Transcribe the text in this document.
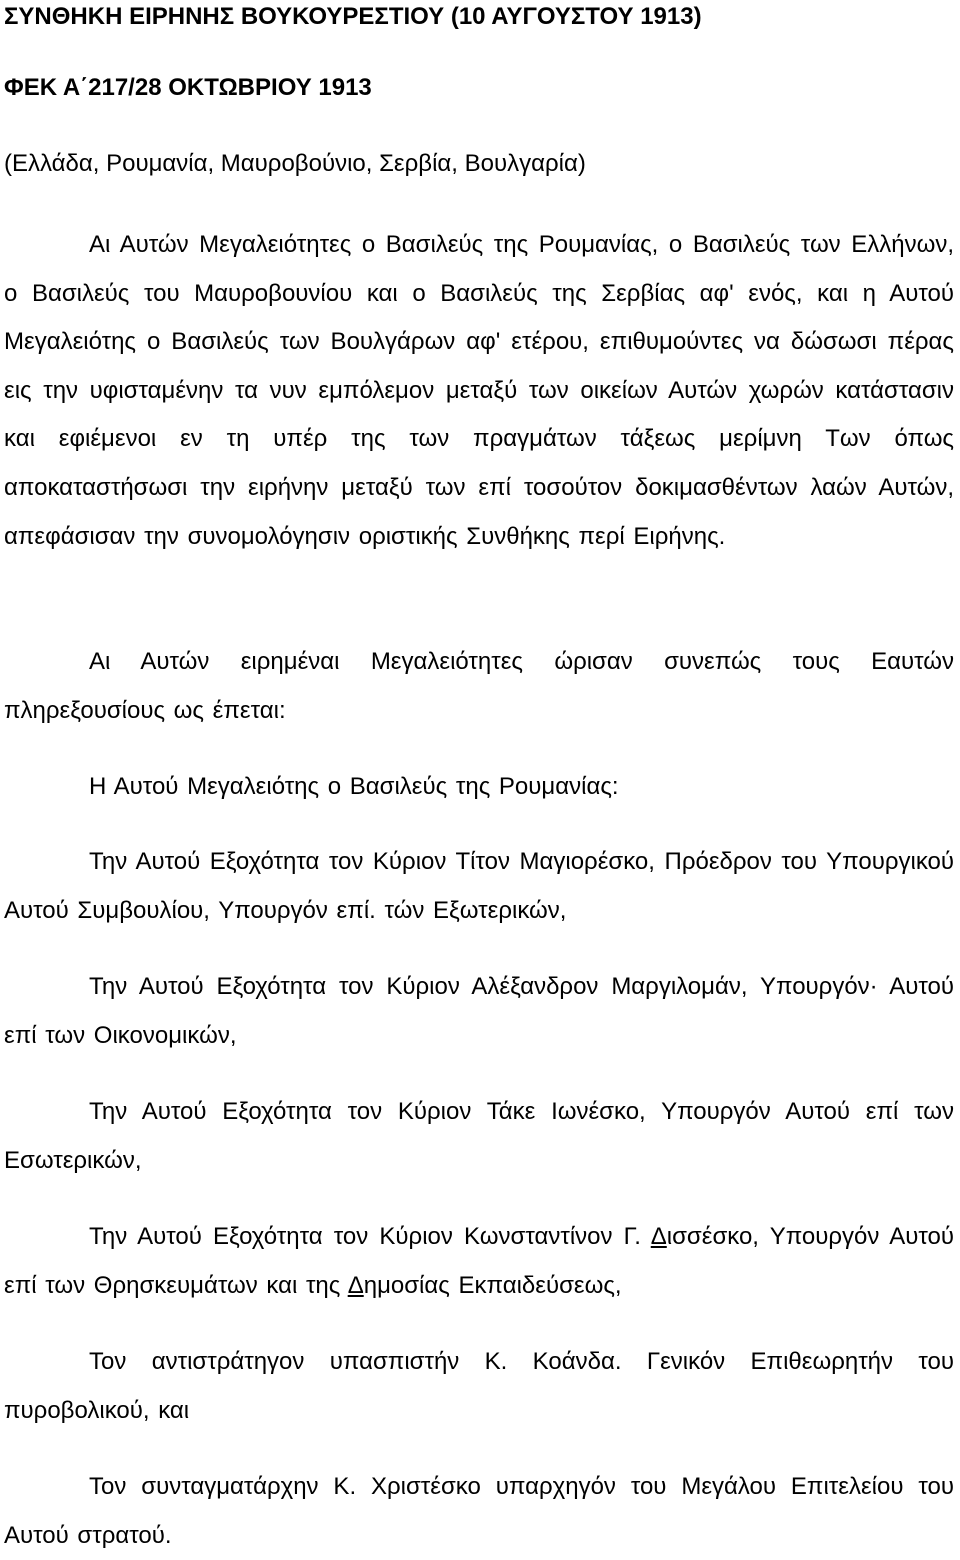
ΣΥΝΘΗΚΗ ΕΙΡΗΝΗΣ ΒΟΥΚΟΥΡΕΣΤΙΟΥ (10 ΑΥΓΟΥΣΤΟΥ 1913)

ΦΕΚ Α΄217/28 ΟΚΤΩΒΡΙΟΥ 1913

(Ελλάδα, Ρουμανία, Μαυροβούνιο, Σερβία, Βουλγαρία)

Αι Αυτών Μεγαλειότητες ο Βασιλεύς της Ρουμανίας, ο Βασιλεύς των Ελλήνων, ο Βασιλεύς του Μαυροβουνίου και ο Βασιλεύς της Σερβίας αφ' ενός, και η Αυτού Μεγαλειότης ο Βασιλεύς των Βουλγάρων αφ' ετέρου, επιθυμούντες να δώσωσι πέρας εις την υφισταμένην τα νυν εμπόλεμον μεταξύ των οικείων Αυτών χωρών κατάστασιν και εφιέμενοι εν τη υπέρ της των πραγμάτων τάξεως μερίμνη Των όπως αποκαταστήσωσι την ειρήνην μεταξύ των επί τοσούτον δοκιμασθέντων λαών Αυτών, απεφάσισαν την συνομολόγησιν οριστικής Συνθήκης περί Ειρήνης.

Αι Αυτών ειρημέναι Μεγαλειότητες ώρισαν συνεπώς τους Εαυτών πληρεξουσίους ως έπεται:

Η Αυτού Μεγαλειότης ο Βασιλεύς της Ρουμανίας:

Την Αυτού Εξοχότητα τον Κύριον Τίτον Μαγιορέσκο, Πρόεδρον του Υπουργικού Αυτού Συμβουλίου, Υπουργόν επί. τών Εξωτερικών,

Την Αυτού Εξοχότητα τον Κύριον Αλέξανδρον Μαργιλομάν, Υπουργόν· Αυτού επί των Οικονομικών,

Την Αυτού Εξοχότητα τον Κύριον Τάκε Ιωνέσκο, Υπουργόν Αυτού επί των Εσωτερικών,

Την Αυτού Εξοχότητα τον Κύριον Κωνσταντίνον Γ. Δισσέσκο, Υπουργόν Αυτού επί των Θρησκευμάτων και της Δημοσίας Εκπαιδεύσεως,

Τον αντιστράτηγον υπασπιστήν Κ. Κοάνδα. Γενικόν Επιθεωρητήν του πυροβολικού, και

Τον συνταγματάρχην Κ. Χριστέσκο υπαρχηγόν του Μεγάλου Επιτελείου του Αυτού στρατού.
